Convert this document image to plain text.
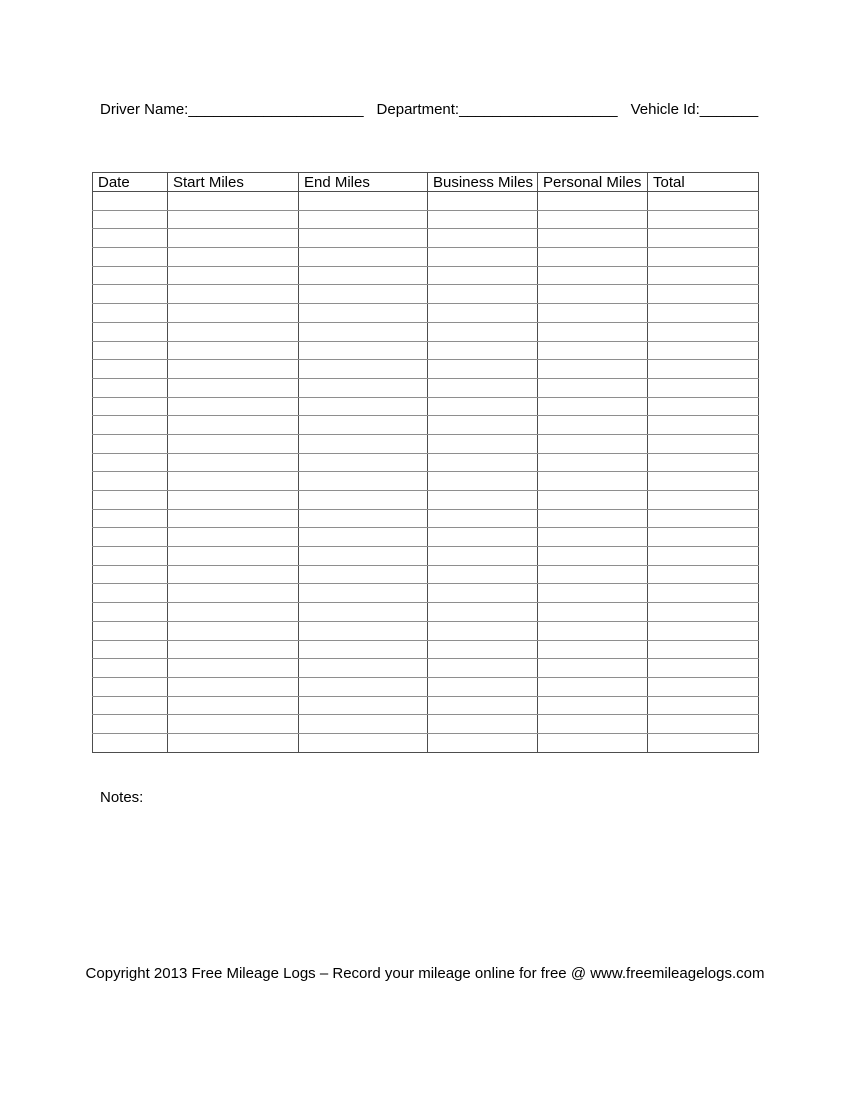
Driver Name:_____________________ Department:___________________ Vehicle Id:_______
Date	Start Miles	End Miles	Business Miles	Personal Miles	Total

Notes:
Copyright 2013 Free Mileage Logs – Record your mileage online for free @ www.freemileagelogs.com
